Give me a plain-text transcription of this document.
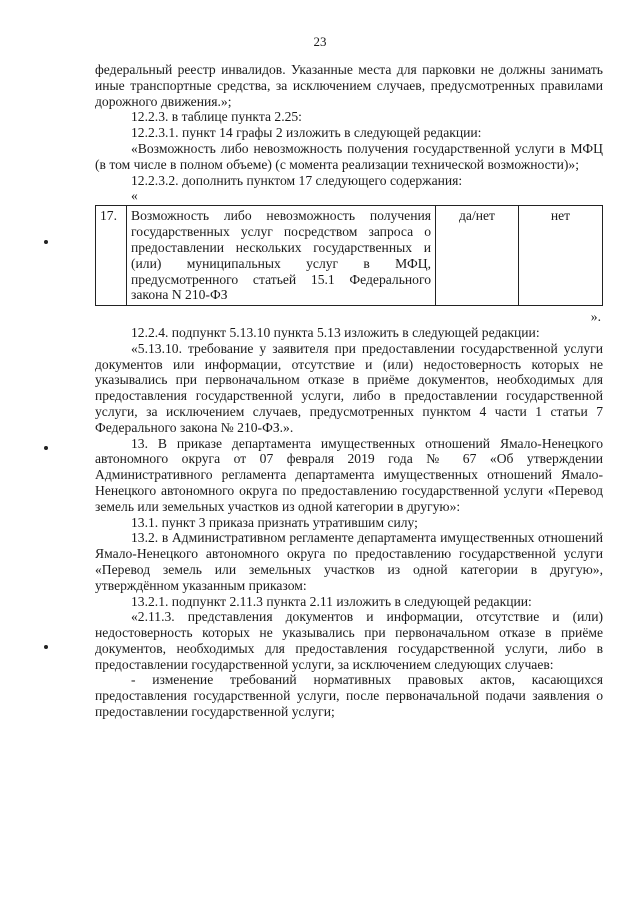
23

федеральный реестр инвалидов. Указанные места для парковки не должны занимать иные транспортные средства, за исключением случаев, предусмотренных правилами дорожного движения.»;

12.2.3. в таблице пункта 2.25:

12.2.3.1. пункт 14 графы 2 изложить в следующей редакции:

«Возможность либо невозможность получения государственной услуги в МФЦ (в том числе в полном объеме) (с момента реализации технической возможности)»;

12.2.3.2. дополнить пунктом 17 следующего содержания:

«

17.	Возможность либо невозможность получения государственных услуг посредством запроса о предоставлении нескольких государственных и (или) муниципальных услуг в МФЦ, предусмотренного статьей 15.1 Федерального закона N 210-ФЗ	да/нет	нет

».

12.2.4. подпункт 5.13.10 пункта 5.13 изложить в следующей редакции:

«5.13.10. требование у заявителя при предоставлении государственной услуги документов или информации, отсутствие и (или) недостоверность которых не указывались при первоначальном отказе в приёме документов, необходимых для предоставления государственной услуги, либо в предоставлении государственной услуги, за исключением случаев, предусмотренных пунктом 4 части 1 статьи 7 Федерального закона № 210-ФЗ.».

13. В приказе департамента имущественных отношений Ямало-Ненецкого автономного округа от 07 февраля 2019 года № 67 «Об утверждении Административного регламента департамента имущественных отношений Ямало-Ненецкого автономного округа по предоставлению государственной услуги «Перевод земель или земельных участков из одной категории в другую»:

13.1. пункт 3 приказа признать утратившим силу;

13.2. в Административном регламенте департамента имущественных отношений Ямало-Ненецкого автономного округа по предоставлению государственной услуги «Перевод земель или земельных участков из одной категории в другую», утверждённом указанным приказом:

13.2.1. подпункт 2.11.3 пункта 2.11 изложить в следующей редакции:

«2.11.3. представления документов и информации, отсутствие и (или) недостоверность которых не указывались при первоначальном отказе в приёме документов, необходимых для предоставления государственной услуги, либо в предоставлении государственной услуги, за исключением следующих случаев:

- изменение требований нормативных правовых актов, касающихся предоставления государственной услуги, после первоначальной подачи заявления о предоставлении государственной услуги;
